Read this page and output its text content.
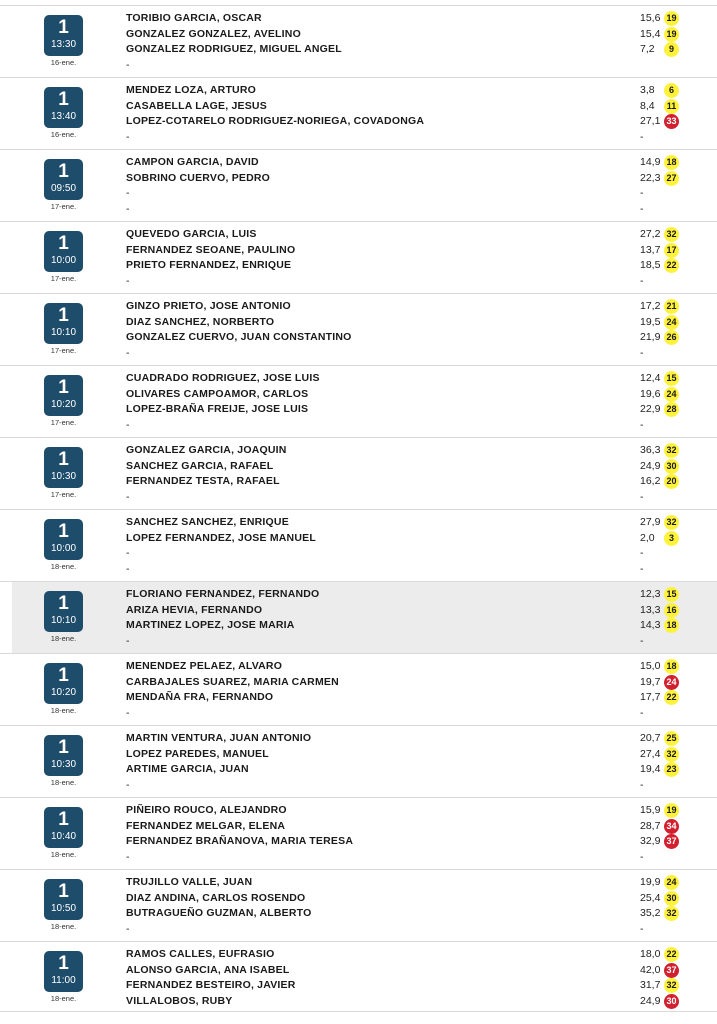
1
13:30
16-ene.
TORIBIO GARCIA, OSCAR	15,6 19
GONZALEZ GONZALEZ, AVELINO	15,4 19
GONZALEZ RODRIGUEZ, MIGUEL ANGEL	7,2	9
-
1
13:40
16-ene.
MENDEZ LOZA, ARTURO	3,8	6
CASABELLA LAGE, JESUS	8,4	11
LOPEZ-COTARELO RODRIGUEZ-NORIEGA, COVADONGA	27,1 33
-	-
1
09:50
17-ene.
CAMPON GARCIA, DAVID	14,9 18
SOBRINO CUERVO, PEDRO	22,3 27
-	-
-	-
1
10:00
17-ene.
QUEVEDO GARCIA, LUIS	27,2 32
FERNANDEZ SEOANE, PAULINO	13,7 17
PRIETO FERNANDEZ, ENRIQUE	18,5 22
-	-
1
10:10
17-ene.
GINZO PRIETO, JOSE ANTONIO	17,2 21
DIAZ SANCHEZ, NORBERTO	19,5 24
GONZALEZ CUERVO, JUAN CONSTANTINO	21,9 26
-	-
1
10:20
17-ene.
CUADRADO RODRIGUEZ, JOSE LUIS	12,4 15
OLIVARES CAMPOAMOR, CARLOS	19,6 24
LOPEZ-BRAÑA FREIJE, JOSE LUIS	22,9 28
-	-
1
10:30
17-ene.
GONZALEZ GARCIA, JOAQUIN	36,3 32
SANCHEZ GARCIA, RAFAEL	24,9 30
FERNANDEZ TESTA, RAFAEL	16,2 20
-	-
1
10:00
18-ene.
SANCHEZ SANCHEZ, ENRIQUE	27,9 32
LOPEZ FERNANDEZ, JOSE MANUEL	2,0	3
-	-
-	-
1
10:10
18-ene.
FLORIANO FERNANDEZ, FERNANDO	12,3 15
ARIZA HEVIA, FERNANDO	13,3 16
MARTINEZ LOPEZ, JOSE MARIA	14,3 18
-	-
1
10:20
18-ene.
MENENDEZ PELAEZ, ALVARO	15,0 18
CARBAJALES SUAREZ, MARIA CARMEN	19,7 24
MENDAÑA FRA, FERNANDO	17,7 22
-	-
1
10:30
18-ene.
MARTIN VENTURA, JUAN ANTONIO	20,7 25
LOPEZ PAREDES, MANUEL	27,4 32
ARTIME GARCIA, JUAN	19,4 23
-	-
1
10:40
18-ene.
PIÑEIRO ROUCO, ALEJANDRO	15,9 19
FERNANDEZ MELGAR, ELENA	28,7 34
FERNANDEZ BRAÑANOVA, MARIA TERESA	32,9 37
-	-
1
10:50
18-ene.
TRUJILLO VALLE, JUAN	19,9 24
DIAZ ANDINA, CARLOS ROSENDO	25,4 30
BUTRAGUEÑO GUZMAN, ALBERTO	35,2 32
-	-
1
11:00
18-ene.
RAMOS CALLES, EUFRASIO	18,0 22
ALONSO GARCIA, ANA ISABEL	42,0 37
FERNANDEZ BESTEIRO, JAVIER	31,7 32
VILLALOBOS, RUBY	24,9 30
